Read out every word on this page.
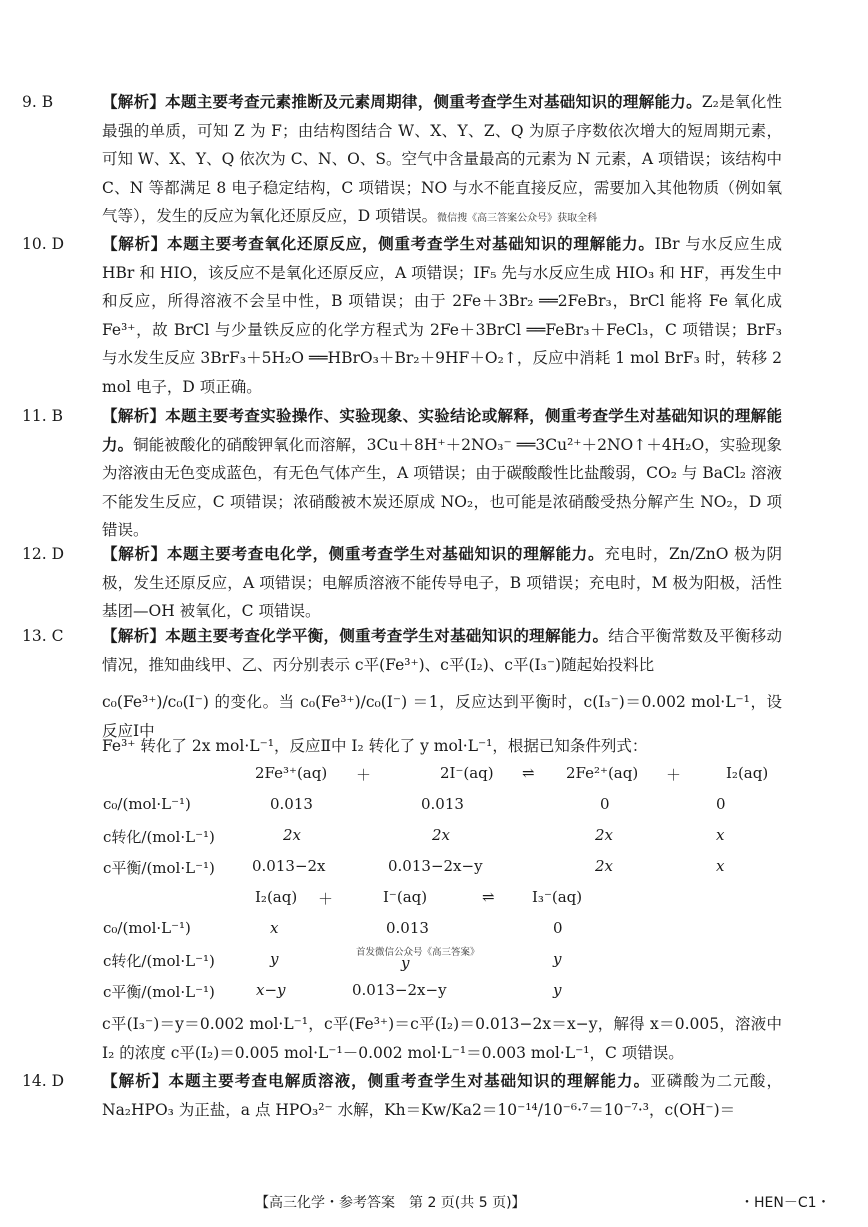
9. B	【解析】本题主要考查元素推断及元素周期律，侧重考查学生对基础知识的理解能力。Z₂是氧化性最强的单质，可知 Z 为 F；由结构图结合 W、X、Y、Z、Q 为原子序数依次增大的短周期元素，可知 W、X、Y、Q 依次为 C、N、O、S。空气中含量最高的元素为 N 元素，A 项错误；该结构中 C、N 等都满足 8 电子稳定结构，C 项错误；NO 与水不能直接反应，需要加入其他物质（例如氧气等），发生的反应为氧化还原反应，D 项错误。微信搜《高三答案公众号》获取全科
10. D 【解析】本题主要考查氧化还原反应，侧重考查学生对基础知识的理解能力。IBr 与水反应生成 HBr 和 HIO，该反应不是氧化还原反应，A 项错误；IF₅ 先与水反应生成 HIO₃ 和 HF，再发生中和反应，所得溶液不会呈中性，B 项错误；由于 2Fe＋3Br₂ ══2FeBr₃，BrCl 能将 Fe 氧化成 Fe³⁺，故 BrCl 与少量铁反应的化学方程式为 2Fe＋3BrCl ══FeBr₃＋FeCl₃，C 项错误；BrF₃ 与水发生反应 3BrF₃＋5H₂O ══HBrO₃＋Br₂＋9HF＋O₂↑，反应中消耗 1 mol BrF₃ 时，转移 2 mol 电子，D 项正确。
11. B	【解析】本题主要考查实验操作、实验现象、实验结论或解释，侧重考查学生对基础知识的理解能力。铜能被酸化的硝酸钾氧化而溶解，3Cu＋8H⁺＋2NO₃⁻ ══3Cu²⁺＋2NO↑＋4H₂O，实验现象为溶液由无色变成蓝色，有无色气体产生，A 项错误；由于碳酸酸性比盐酸弱，CO₂ 与 BaCl₂ 溶液不能发生反应，C 项错误；浓硝酸被木炭还原成 NO₂，也可能是浓硝酸受热分解产生 NO₂，D 项错误。
12. D 【解析】本题主要考查电化学，侧重考查学生对基础知识的理解能力。充电时，Zn/ZnO 极为阴极，发生还原反应，A 项错误；电解质溶液不能传导电子，B 项错误；充电时，M 极为阳极，活性基团—OH 被氧化，C 项错误。
13. C 【解析】本题主要考查化学平衡，侧重考查学生对基础知识的理解能力。结合平衡常数及平衡移动情况，推知曲线甲、乙、丙分别表示 c平(Fe³⁺)、c平(I₂)、c平(I₃⁻)随起始投料比
c₀(Fe³⁺)/c₀(I⁻) 的变化。当 c₀(Fe³⁺)/c₀(I⁻) ＝1，反应达到平衡时，c(I₃⁻)＝0.002 mol·L⁻¹，设反应Ⅰ中
Fe³⁺ 转化了 2x mol·L⁻¹，反应Ⅱ中 I₂ 转化了 y mol·L⁻¹，根据已知条件列式：
2Fe³⁺(aq) ＋	2I⁻(aq) ⇌ 2Fe²⁺(aq) ＋	I₂(aq)
c₀/(mol·L⁻¹)	0.013	0.013	0	0
c转化/(mol·L⁻¹)	2x	2x	2x	x
c平衡/(mol·L⁻¹) 0.013−2x	0.013−2x−y	2x	x
I₂(aq) ＋	I⁻(aq)	⇌ I₃⁻(aq)
c₀/(mol·L⁻¹)	x	0.013	0
c转化/(mol·L⁻¹)	y	y	y
c平衡/(mol·L⁻¹)	x−y	0.013−2x−y	y
首发微信公众号《高三答案》
c平(I₃⁻)＝y＝0.002 mol·L⁻¹，c平(Fe³⁺)＝c平(I₂)＝0.013−2x＝x−y，解得 x＝0.005，溶液中 I₂ 的浓度 c平(I₂)＝0.005 mol·L⁻¹－0.002 mol·L⁻¹＝0.003 mol·L⁻¹，C 项错误。
14. D 【解析】本题主要考查电解质溶液，侧重考查学生对基础知识的理解能力。亚磷酸为二元酸，Na₂HPO₃ 为正盐，a 点 HPO₃²⁻ 水解，Kh＝Kw/Ka2＝10⁻¹⁴/10⁻⁶·⁷＝10⁻⁷·³，c(OH⁻)＝
【高三化学・参考答案　第 2 页(共 5 页)】	・HEN－C1・
